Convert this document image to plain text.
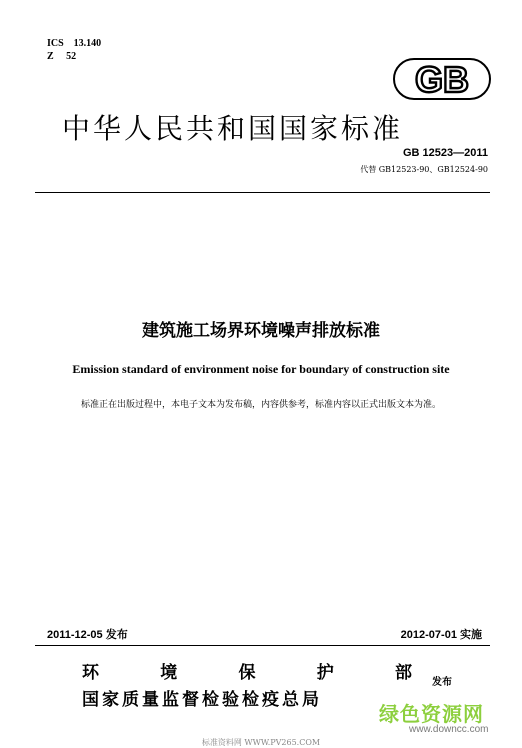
ICS    13.140
Z     52
GB
中华人民共和国国家标准
GB 12523—2011
代替 GB12523-90、GB12524-90
建筑施工场界环境噪声排放标准
Emission standard of environment noise for boundary of construction site
标准正在出版过程中，本电子文本为发布稿，内容供参考，标准内容以正式出版文本为准。
2011-12-05 发布	2012-07-01 实施
环	境	保	护	部
国家质量监督检验检疫总局
发布
标准资料网 WWW.PV265.COM
绿色资源网
www.downcc.com
